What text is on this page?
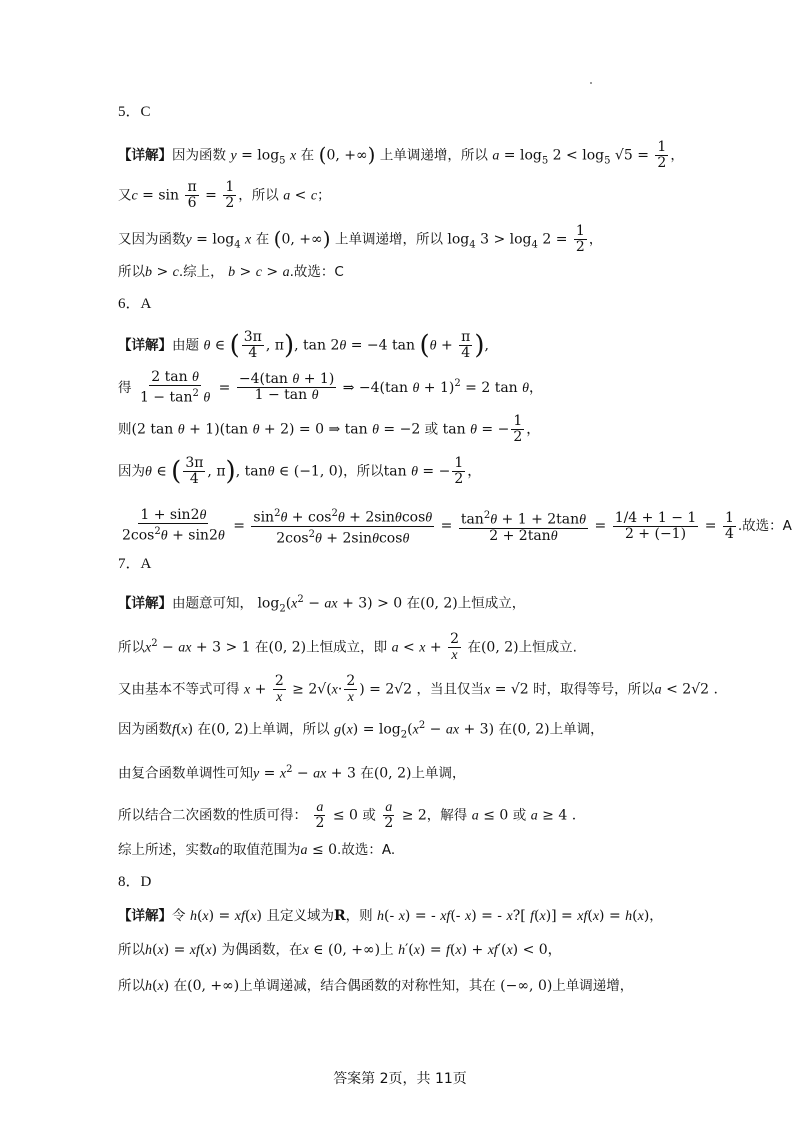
5．C
【详解】因为函数 $y = \log_5 x$ 在 (0, +∞) 上单调递增，所以 $a = \log_5 2 < \log_5 √5 = \frac{1}{2}$ ，
又$c = \sin \frac{\pi}{6} = \frac{1}{2}$ ，所以 a < c；
又因为函数$y = \log_4 x$ 在 (0, +∞) 上单调递增，所以 $\log_4 3 > \log_4 2 = \frac{1}{2}$ ，
所以b > c.综上， b > c > a.故选：C
6．A
【详解】由题 θ ∈ ( $\frac{3\pi}{4}$ , π), tan 2θ = −4 $\tan (\theta + \frac{\pi}{4}$ ),
得 $\frac{\text{2 tan θ}}{1 - \tan^2 \theta} = \frac{\text{−4(tan θ + 1)}}{\text{1 − tan θ}}$ ⇒ −4(tan θ + 1)$^2$ = 2 tan θ，
则(2 tan θ + 1)(tan θ + 2) = 0 ⇒ tan θ = −2 或 tan θ = − $\frac{1}{2}$ ，
因为θ ∈ ( $\frac{3\pi}{4}$ , π), tanθ ∈ (−1, 0)，所以tan θ = − $\frac{1}{2}$ ，
$\frac{1 + \sin 2\theta}{2\cos^2\theta + \sin 2\theta} = \frac{\sin^2\theta + \cos^2\theta + 2\sin\theta\cos\theta}{2\cos^2\theta + 2\sin\theta\cos\theta} = \frac{\tan^2\theta + 1 + 2\tan\theta}{2 + 2\tan\theta} = \frac{1/4 + 1 - 1}{2 + (-1)} = \frac{1}{4}$ .故选：A
7．A
【详解】由题意可知， $\log_2(x^2$ − ax + 3) > 0 在(0, 2)上恒成立，
所以$x^2$ − ax + 3 > 1 在(0, 2)上恒成立，即 $a < x + \frac{2}{x}$ 在(0, 2)上恒成立.
又由基本不等式可得 $x + \frac{2}{x} \ge 2√(x\cdot \frac{2}{x}$ ) = 2√2 ，当且仅当x = √2 时，取得等号，所以a < 2√2 .
因为函数f(x) 在(0, 2)上单调，所以 $g(x) = \log_2(x^2$ − ax + 3) 在(0, 2)上单调，
由复合函数单调性可知$y = x^2$ − ax + 3 在(0, 2)上单调，
所以结合二次函数的性质可得： $\frac{a}{2} \le 0$ 或 $\frac{a}{2} \ge 2$，解得 a ≤ 0 或 a ≥ 4 .
综上所述，实数a的取值范围为a ≤ 0.故选：A.
8．D
【详解】令 h(x) = xf(x) 且定义域为R，则 h(- x) = - xf(- x) = - x?[ f(x)] = xf(x) = h(x)，
所以h(x) = xf(x) 为偶函数，在x ∈ (0, +∞)上 h′(x) = f(x) + xf′(x) < 0，
所以h(x) 在(0, +∞)上单调递减，结合偶函数的对称性知，其在 (−∞, 0)上单调递增，
答案第 2页，共 11页
